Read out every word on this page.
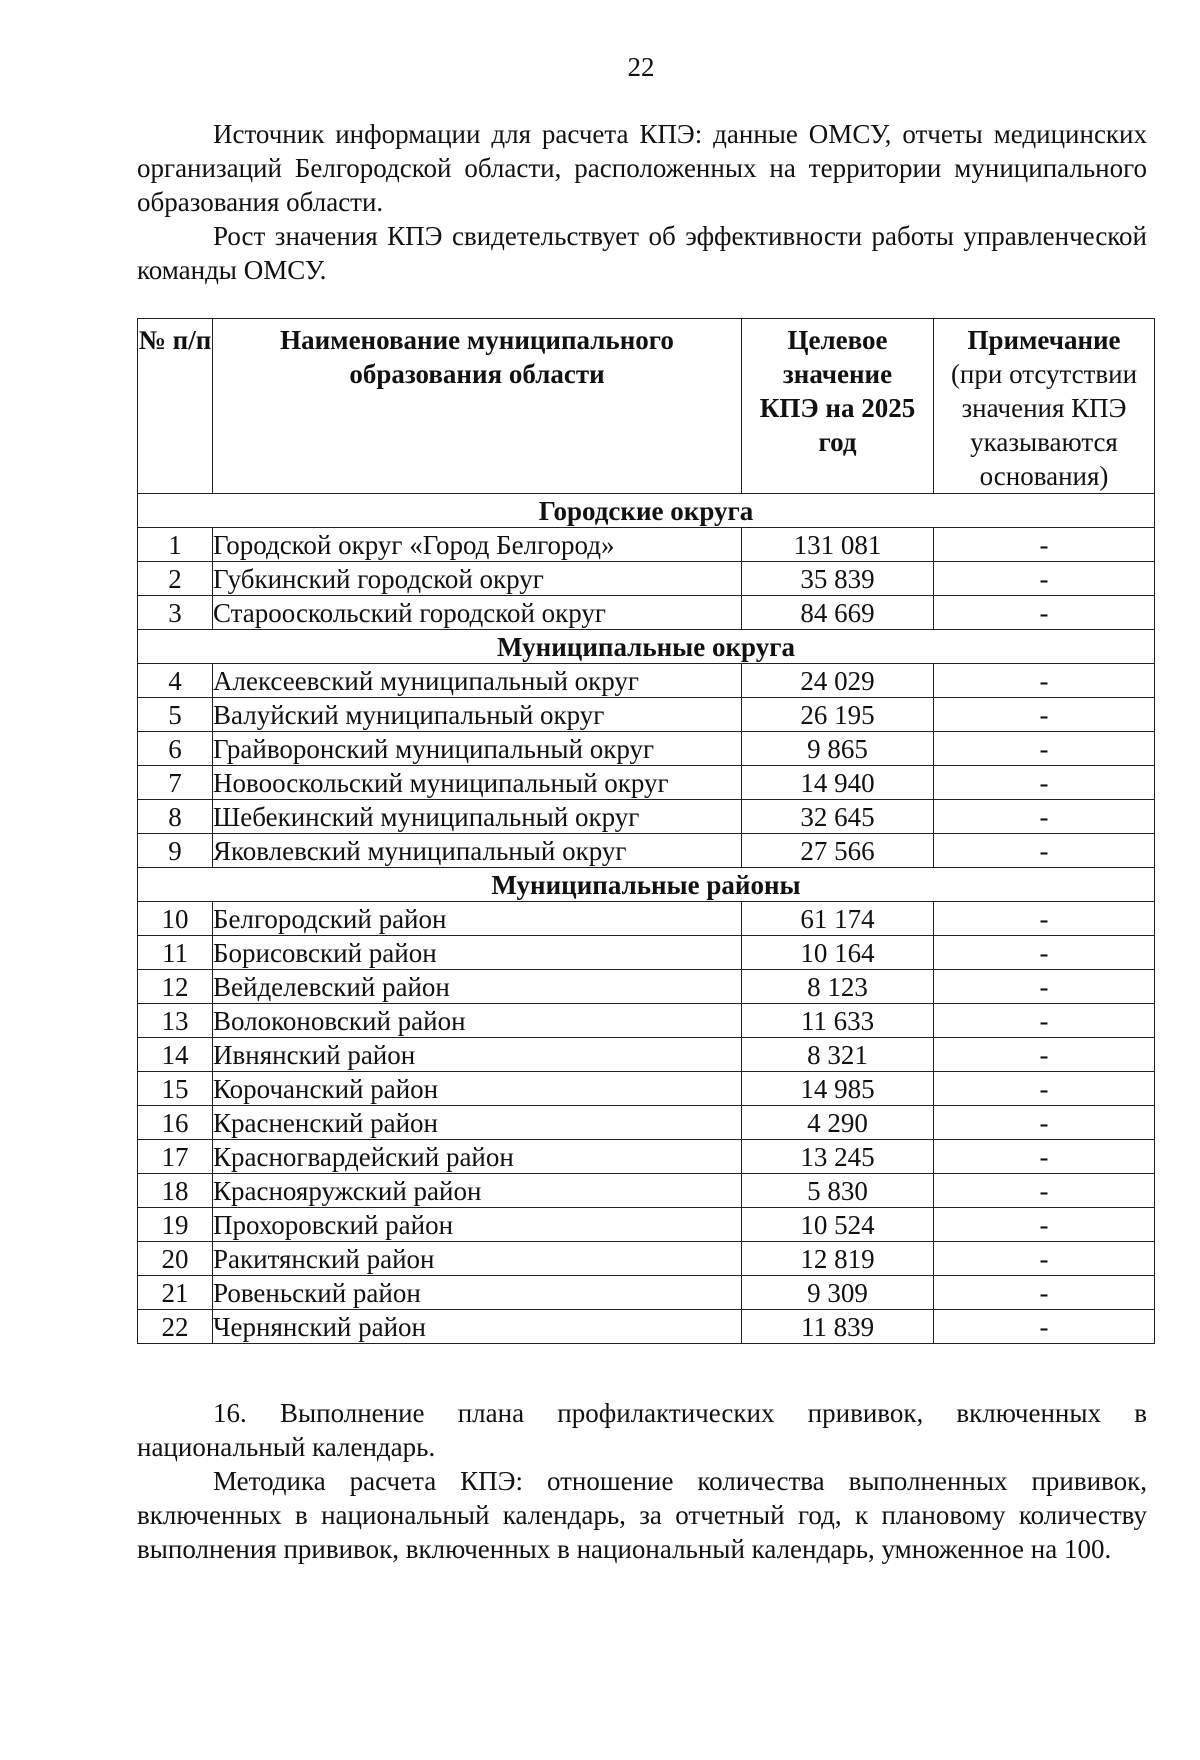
22
Источник информации для расчета КПЭ: данные ОМСУ, отчеты медицинских организаций Белгородской области, расположенных на территории муниципального образования области.
Рост значения КПЭ свидетельствует об эффективности работы управленческой команды ОМСУ.
№ п/п	Наименование муниципального образования области	Целевое значение КПЭ на 2025 год	Примечание
(при отсутствии значения КПЭ указываются основания)
Городские округа			
1	Городской округ «Город Белгород»	131 081	-
2	Губкинский городской округ	35 839	-
3	Старооскольский городской округ	84 669	-
Муниципальные округа			
4	Алексеевский муниципальный округ	24 029	-
5	Валуйский муниципальный округ	26 195	-
6	Грайворонский муниципальный округ	9 865	-
7	Новооскольский муниципальный округ	14 940	-
8	Шебекинский муниципальный округ	32 645	-
9	Яковлевский муниципальный округ	27 566	-
Муниципальные районы			
10	Белгородский район	61 174	-
11	Борисовский район	10 164	-
12	Вейделевский район	8 123	-
13	Волоконовский район	11 633	-
14	Ивнянский район	8 321	-
15	Корочанский район	14 985	-
16	Красненский район	4 290	-
17	Красногвардейский район	13 245	-
18	Краснояружский район	5 830	-
19	Прохоровский район	10 524	-
20	Ракитянский район	12 819	-
21	Ровеньский район	9 309	-
22	Чернянский район	11 839	-
16. Выполнение плана профилактических прививок, включенных в национальный календарь.
Методика расчета КПЭ: отношение количества выполненных прививок, включенных в национальный календарь, за отчетный год, к плановому количеству выполнения прививок, включенных в национальный календарь, умноженное на 100.
